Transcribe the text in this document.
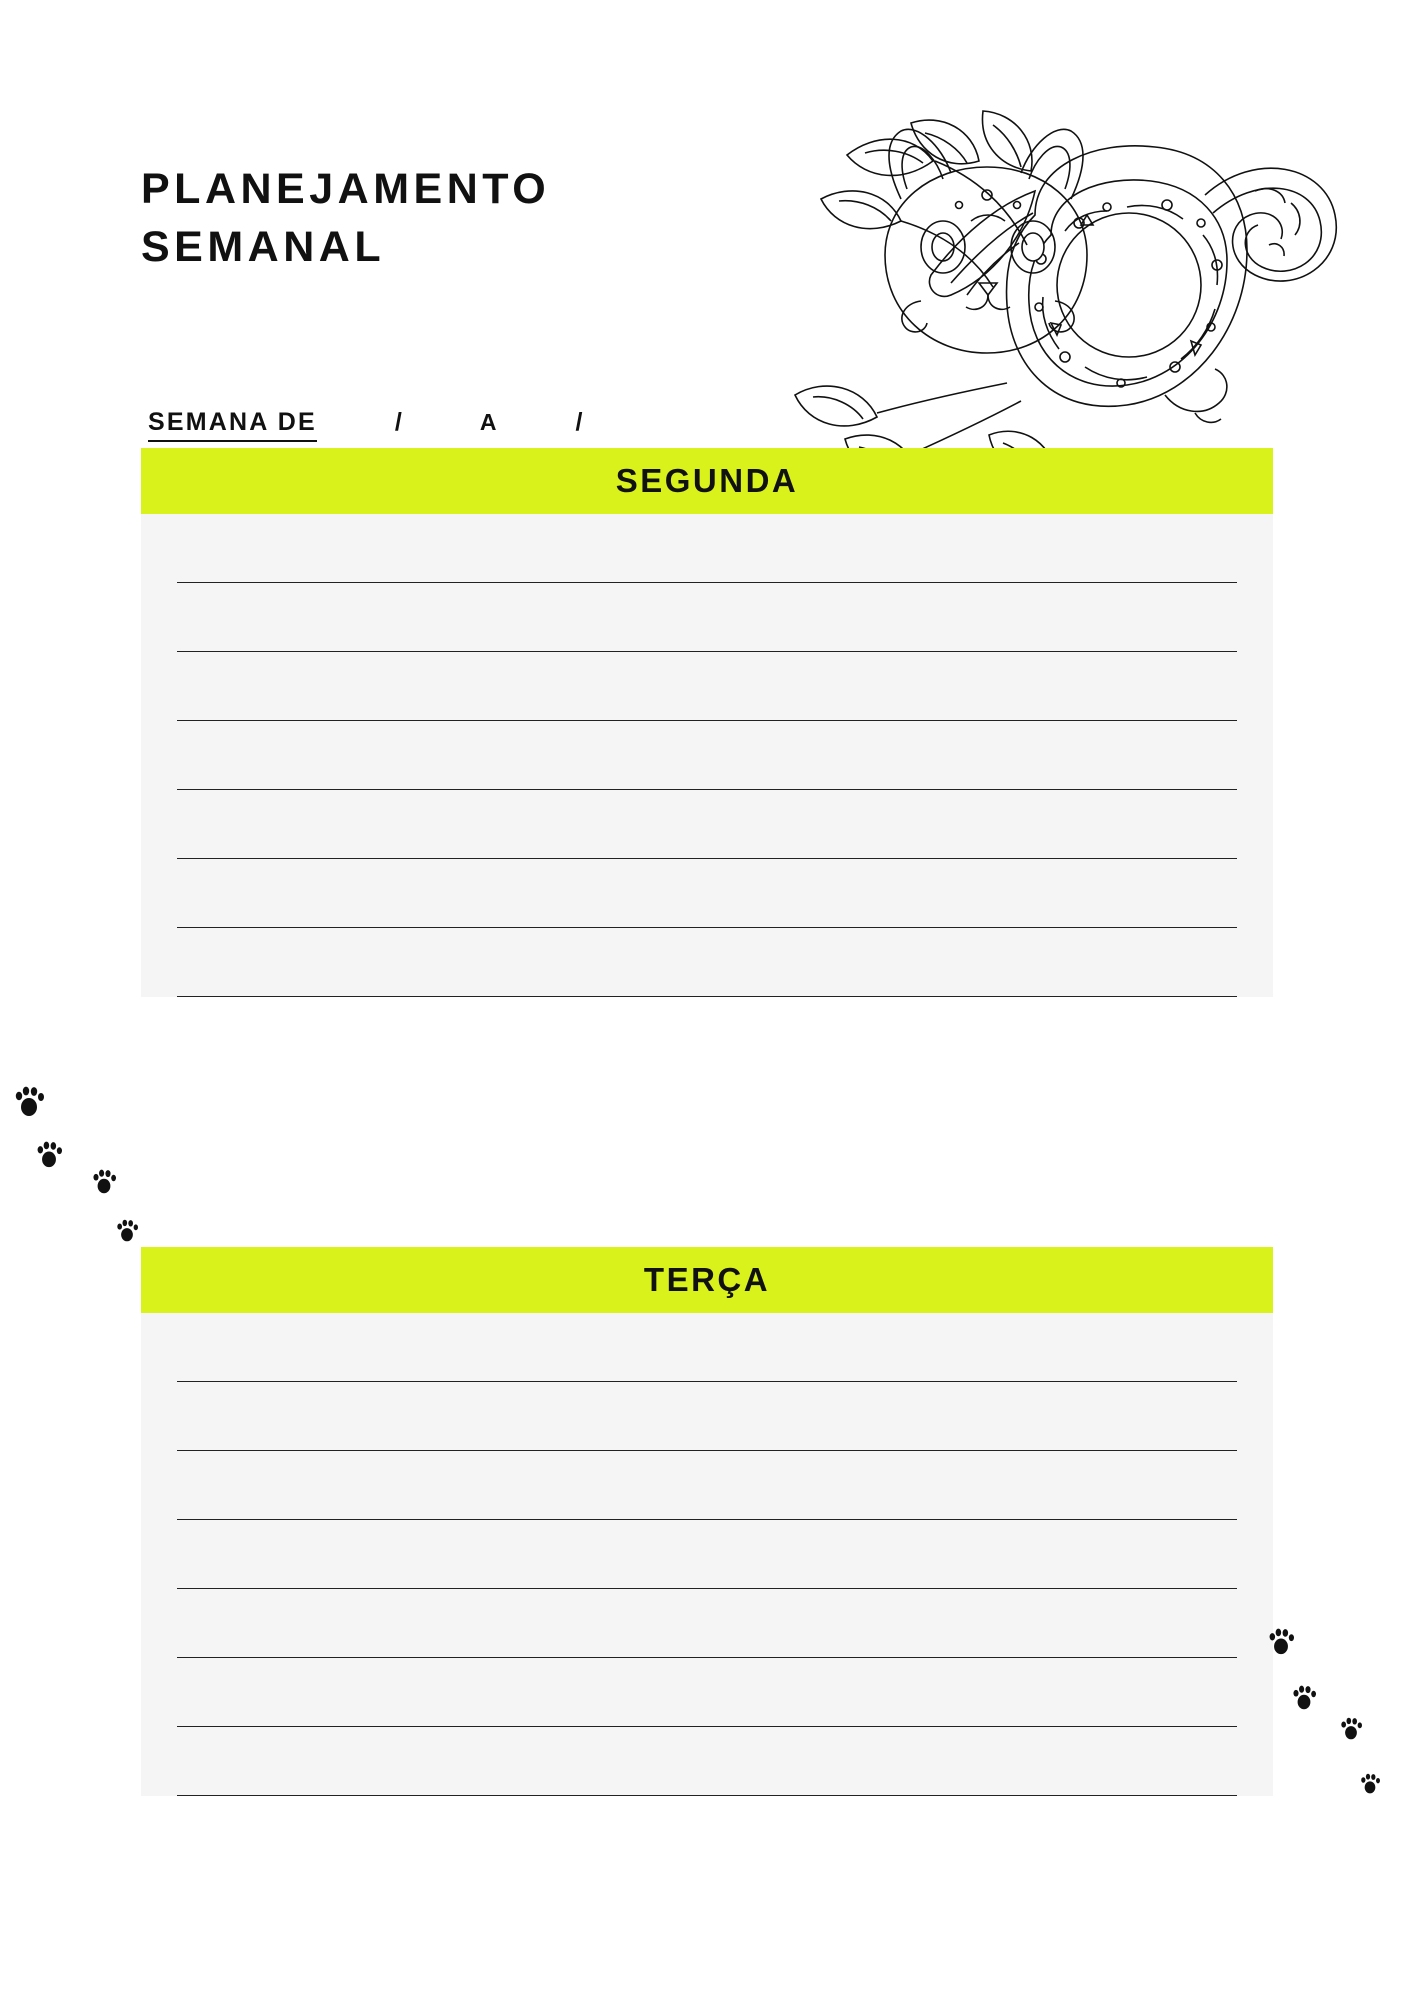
PLANEJAMENTO
SEMANAL
SEMANA DE	/	A	/
SEGUNDA
TERÇA
